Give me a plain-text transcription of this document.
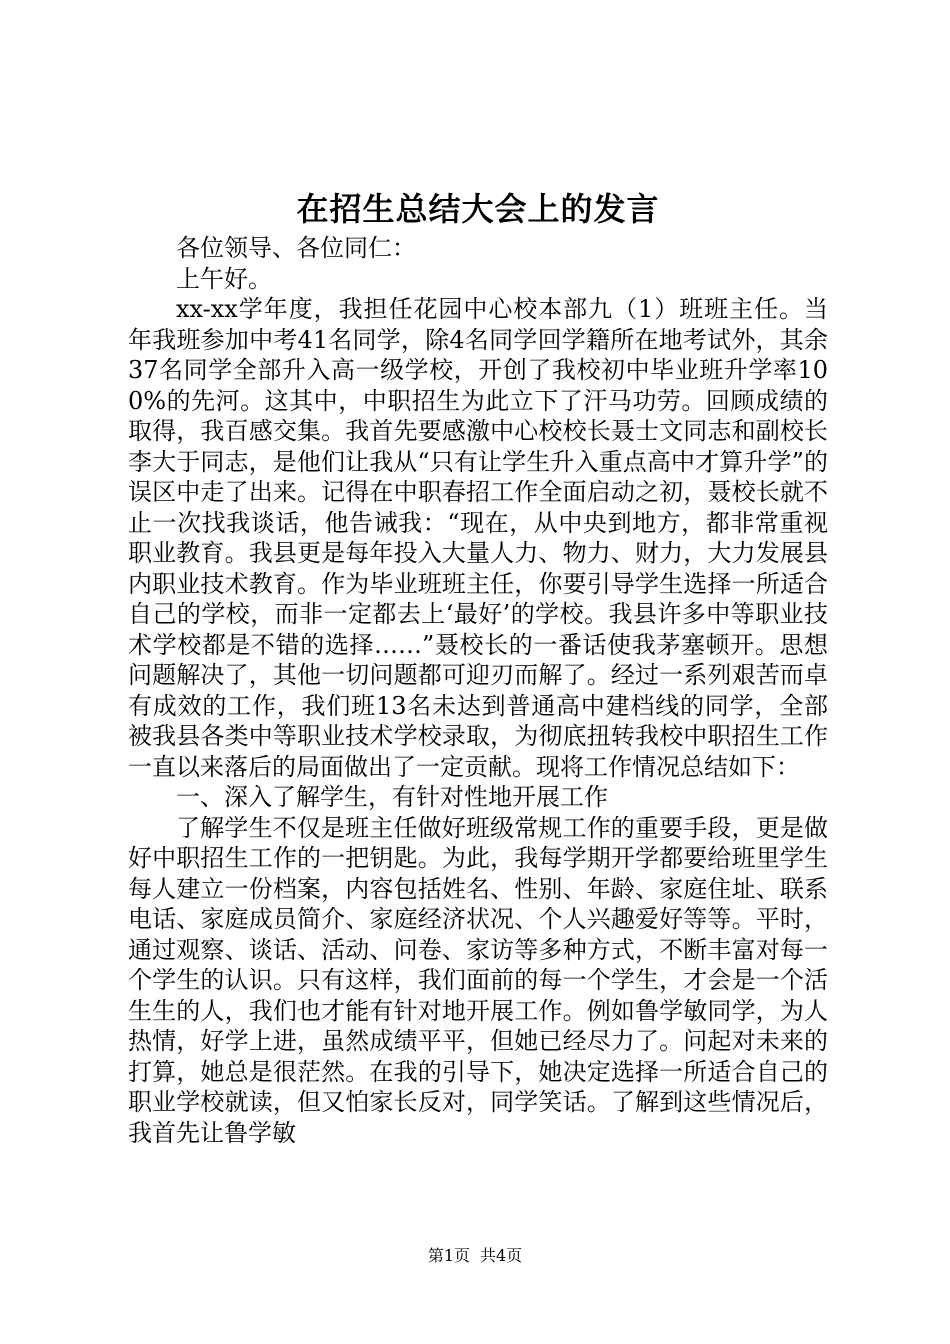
在招生总结大会上的发言

各位领导、各位同仁：

上午好。

xx-xx学年度，我担任花园中心校本部九（1）班班主任。当年我班参加中考41名同学，除4名同学回学籍所在地考试外，其余37名同学全部升入高一级学校，开创了我校初中毕业班升学率100%的先河。这其中，中职招生为此立下了汗马功劳。回顾成绩的取得，我百感交集。我首先要感激中心校校长聂士文同志和副校长李大于同志，是他们让我从“只有让学生升入重点高中才算升学”的误区中走了出来。记得在中职春招工作全面启动之初，聂校长就不止一次找我谈话，他告诫我：“现在，从中央到地方，都非常重视职业教育。我县更是每年投入大量人力、物力、财力，大力发展县内职业技术教育。作为毕业班班主任，你要引导学生选择一所适合自己的学校，而非一定都去上‘最好’的学校。我县许多中等职业技术学校都是不错的选择……”聂校长的一番话使我茅塞顿开。思想问题解决了，其他一切问题都可迎刃而解了。经过一系列艰苦而卓有成效的工作，我们班13名未达到普通高中建档线的同学，全部被我县各类中等职业技术学校录取，为彻底扭转我校中职招生工作一直以来落后的局面做出了一定贡献。现将工作情况总结如下：

一、深入了解学生，有针对性地开展工作

了解学生不仅是班主任做好班级常规工作的重要手段，更是做好中职招生工作的一把钥匙。为此，我每学期开学都要给班里学生每人建立一份档案，内容包括姓名、性别、年龄、家庭住址、联系电话、家庭成员简介、家庭经济状况、个人兴趣爱好等等。平时，通过观察、谈话、活动、问卷、家访等多种方式，不断丰富对每一个学生的认识。只有这样，我们面前的每一个学生，才会是一个活生生的人，我们也才能有针对地开展工作。例如鲁学敏同学，为人热情，好学上进，虽然成绩平平，但她已经尽力了。问起对未来的打算，她总是很茫然。在我的引导下，她决定选择一所适合自己的职业学校就读，但又怕家长反对，同学笑话。了解到这些情况后，我首先让鲁学敏

第1页 共4页
